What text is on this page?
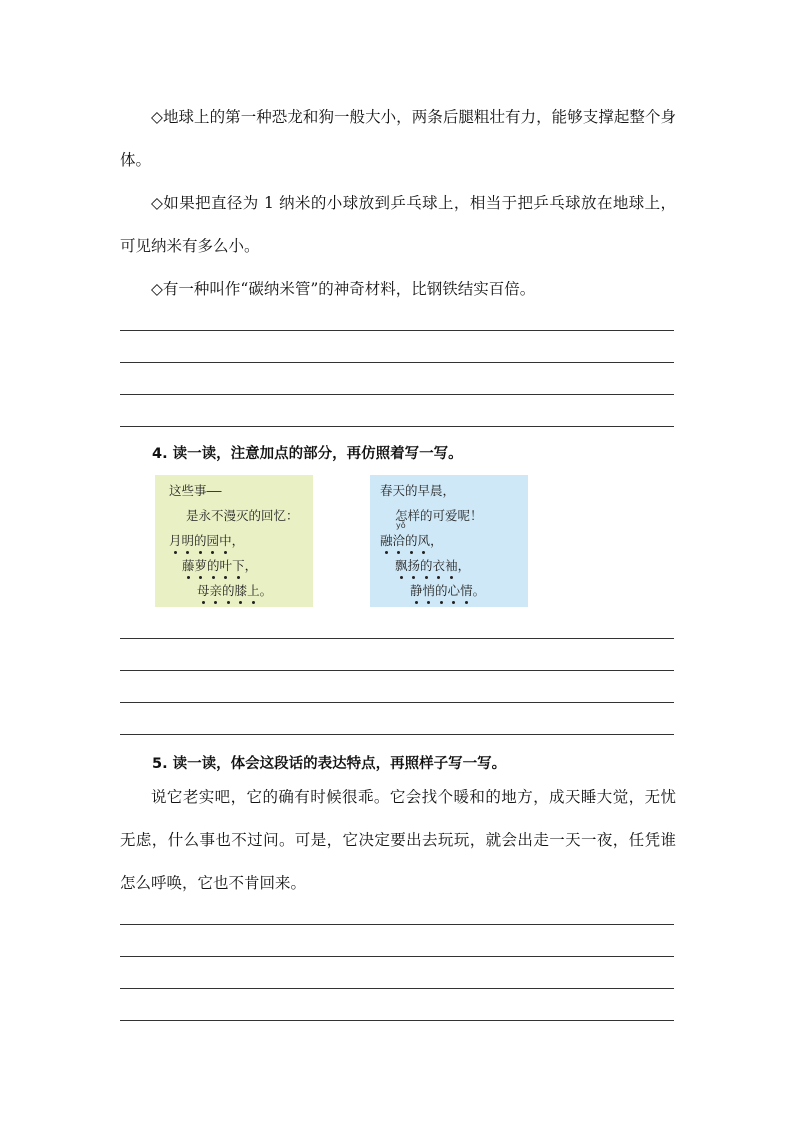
◇地球上的第一种恐龙和狗一般大小，两条后腿粗壮有力，能够支撑起整个身体。

◇如果把直径为 1 纳米的小球放到乒乓球上，相当于把乒乓球放在地球上，可见纳米有多么小。

◇有一种叫作“碳纳米管”的神奇材料，比钢铁结实百倍。

4. 读一读，注意加点的部分，再仿照着写一写。

这些事——
是永不漫灭的回忆：
月明的园中，
藤萝的叶下，
母亲的膝上。
春天的早晨，
怎样的可爱呢！
yǒ
融洽的风，
飘扬的衣袖，
静悄的心情。

5. 读一读，体会这段话的表达特点，再照样子写一写。

说它老实吧，它的确有时候很乖。它会找个暖和的地方，成天睡大觉，无忧无虑，什么事也不过问。可是，它决定要出去玩玩，就会出走一天一夜，任凭谁怎么呼唤，它也不肯回来。
